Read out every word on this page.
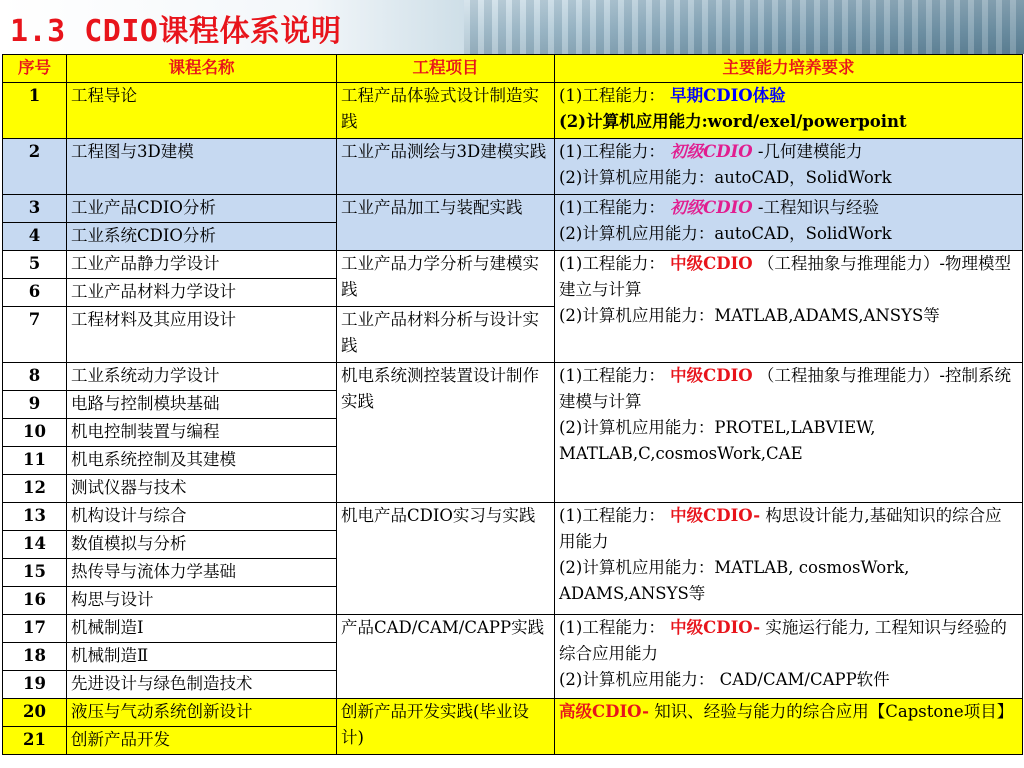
1.3 CDIO课程体系说明
序号	课程名称	工程项目	主要能力培养要求
1	工程导论	工程产品体验式设计制造实践	(1)工程能力： 早期CDIO体验
(2)计算机应用能力:word/exel/powerpoint
2	工程图与3D建模	工业产品测绘与3D建模实践	(1)工程能力： 初级CDIO -几何建模能力
(2)计算机应用能力：autoCAD，SolidWork
3	工业产品CDIO分析	工业产品加工与装配实践	(1)工程能力： 初级CDIO -工程知识与经验
(2)计算机应用能力：autoCAD，SolidWork
4	工业系统CDIO分析		
5	工业产品静力学设计	工业产品力学分析与建模实践	(1)工程能力： 中级CDIO （工程抽象与推理能力）-物理模型建立与计算
(2)计算机应用能力：MATLAB,ADAMS,ANSYS等
6	工业产品材料力学设计		
7	工程材料及其应用设计	工业产品材料分析与设计实践	
8	工业系统动力学设计	机电系统测控装置设计制作实践	(1)工程能力： 中级CDIO （工程抽象与推理能力）-控制系统建模与计算
(2)计算机应用能力：PROTEL,LABVIEW, MATLAB,C,cosmosWork,CAE
9	电路与控制模块基础		
10	机电控制装置与编程		
11	机电系统控制及其建模		
12	测试仪器与技术		
13	机构设计与综合	机电产品CDIO实习与实践	(1)工程能力： 中级CDIO- 构思设计能力,基础知识的综合应用能力
(2)计算机应用能力：MATLAB, cosmosWork, ADAMS,ANSYS等
14	数值模拟与分析		
15	热传导与流体力学基础		
16	构思与设计		
17	机械制造Ⅰ	产品CAD/CAM/CAPP实践	(1)工程能力： 中级CDIO- 实施运行能力, 工程知识与经验的综合应用能力
(2)计算机应用能力： CAD/CAM/CAPP软件
18	机械制造Ⅱ		
19	先进设计与绿色制造技术		
20	液压与气动系统创新设计	创新产品开发实践(毕业设计)	高级CDIO- 知识、经验与能力的综合应用【Capstone项目】
21	创新产品开发		
